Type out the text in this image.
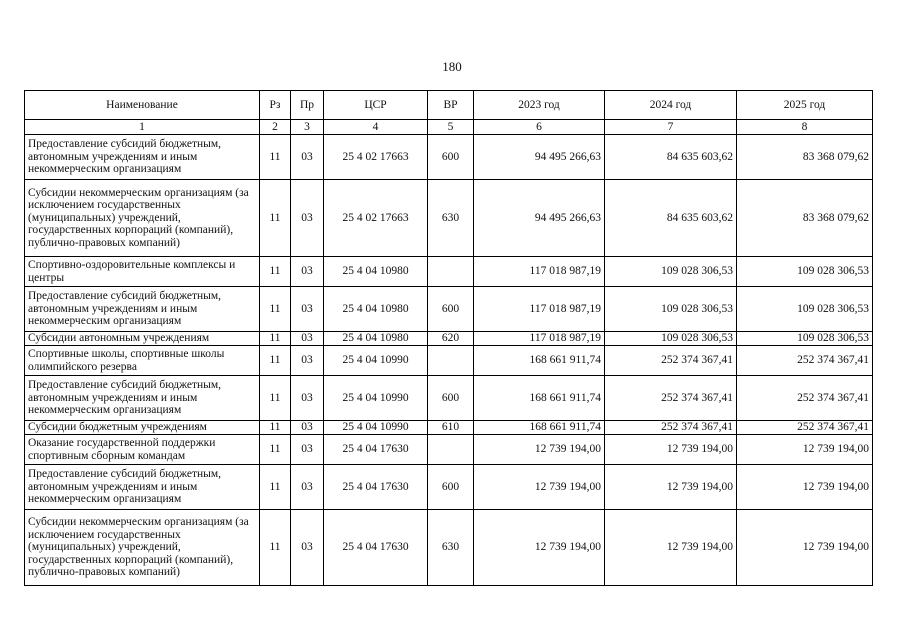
180
Наименование	Рз	Пр	ЦСР	ВР	2023 год	2024 год	2025 год
1	2	3	4	5	6	7	8
Предоставление субсидий бюджетным, автономным учреждениям и иным некоммерческим организациям	11	03	25 4 02 17663	600	94 495 266,63	84 635 603,62	83 368 079,62
Субсидии некоммерческим организациям (за исключением государственных (муниципальных) учреждений, государственных корпораций (компаний), публично-правовых компаний)	11	03	25 4 02 17663	630	94 495 266,63	84 635 603,62	83 368 079,62
Спортивно-оздоровительные комплексы и центры	11	03	25 4 04 10980		117 018 987,19	109 028 306,53	109 028 306,53
Предоставление субсидий бюджетным, автономным учреждениям и иным некоммерческим организациям	11	03	25 4 04 10980	600	117 018 987,19	109 028 306,53	109 028 306,53
Субсидии автономным учреждениям	11	03	25 4 04 10980	620	117 018 987,19	109 028 306,53	109 028 306,53
Спортивные школы, спортивные школы олимпийского резерва	11	03	25 4 04 10990		168 661 911,74	252 374 367,41	252 374 367,41
Предоставление субсидий бюджетным, автономным учреждениям и иным некоммерческим организациям	11	03	25 4 04 10990	600	168 661 911,74	252 374 367,41	252 374 367,41
Субсидии бюджетным учреждениям	11	03	25 4 04 10990	610	168 661 911,74	252 374 367,41	252 374 367,41
Оказание государственной поддержки спортивным сборным командам	11	03	25 4 04 17630		12 739 194,00	12 739 194,00	12 739 194,00
Предоставление субсидий бюджетным, автономным учреждениям и иным некоммерческим организациям	11	03	25 4 04 17630	600	12 739 194,00	12 739 194,00	12 739 194,00
Субсидии некоммерческим организациям (за исключением государственных (муниципальных) учреждений, государственных корпораций (компаний), публично-правовых компаний)	11	03	25 4 04 17630	630	12 739 194,00	12 739 194,00	12 739 194,00
